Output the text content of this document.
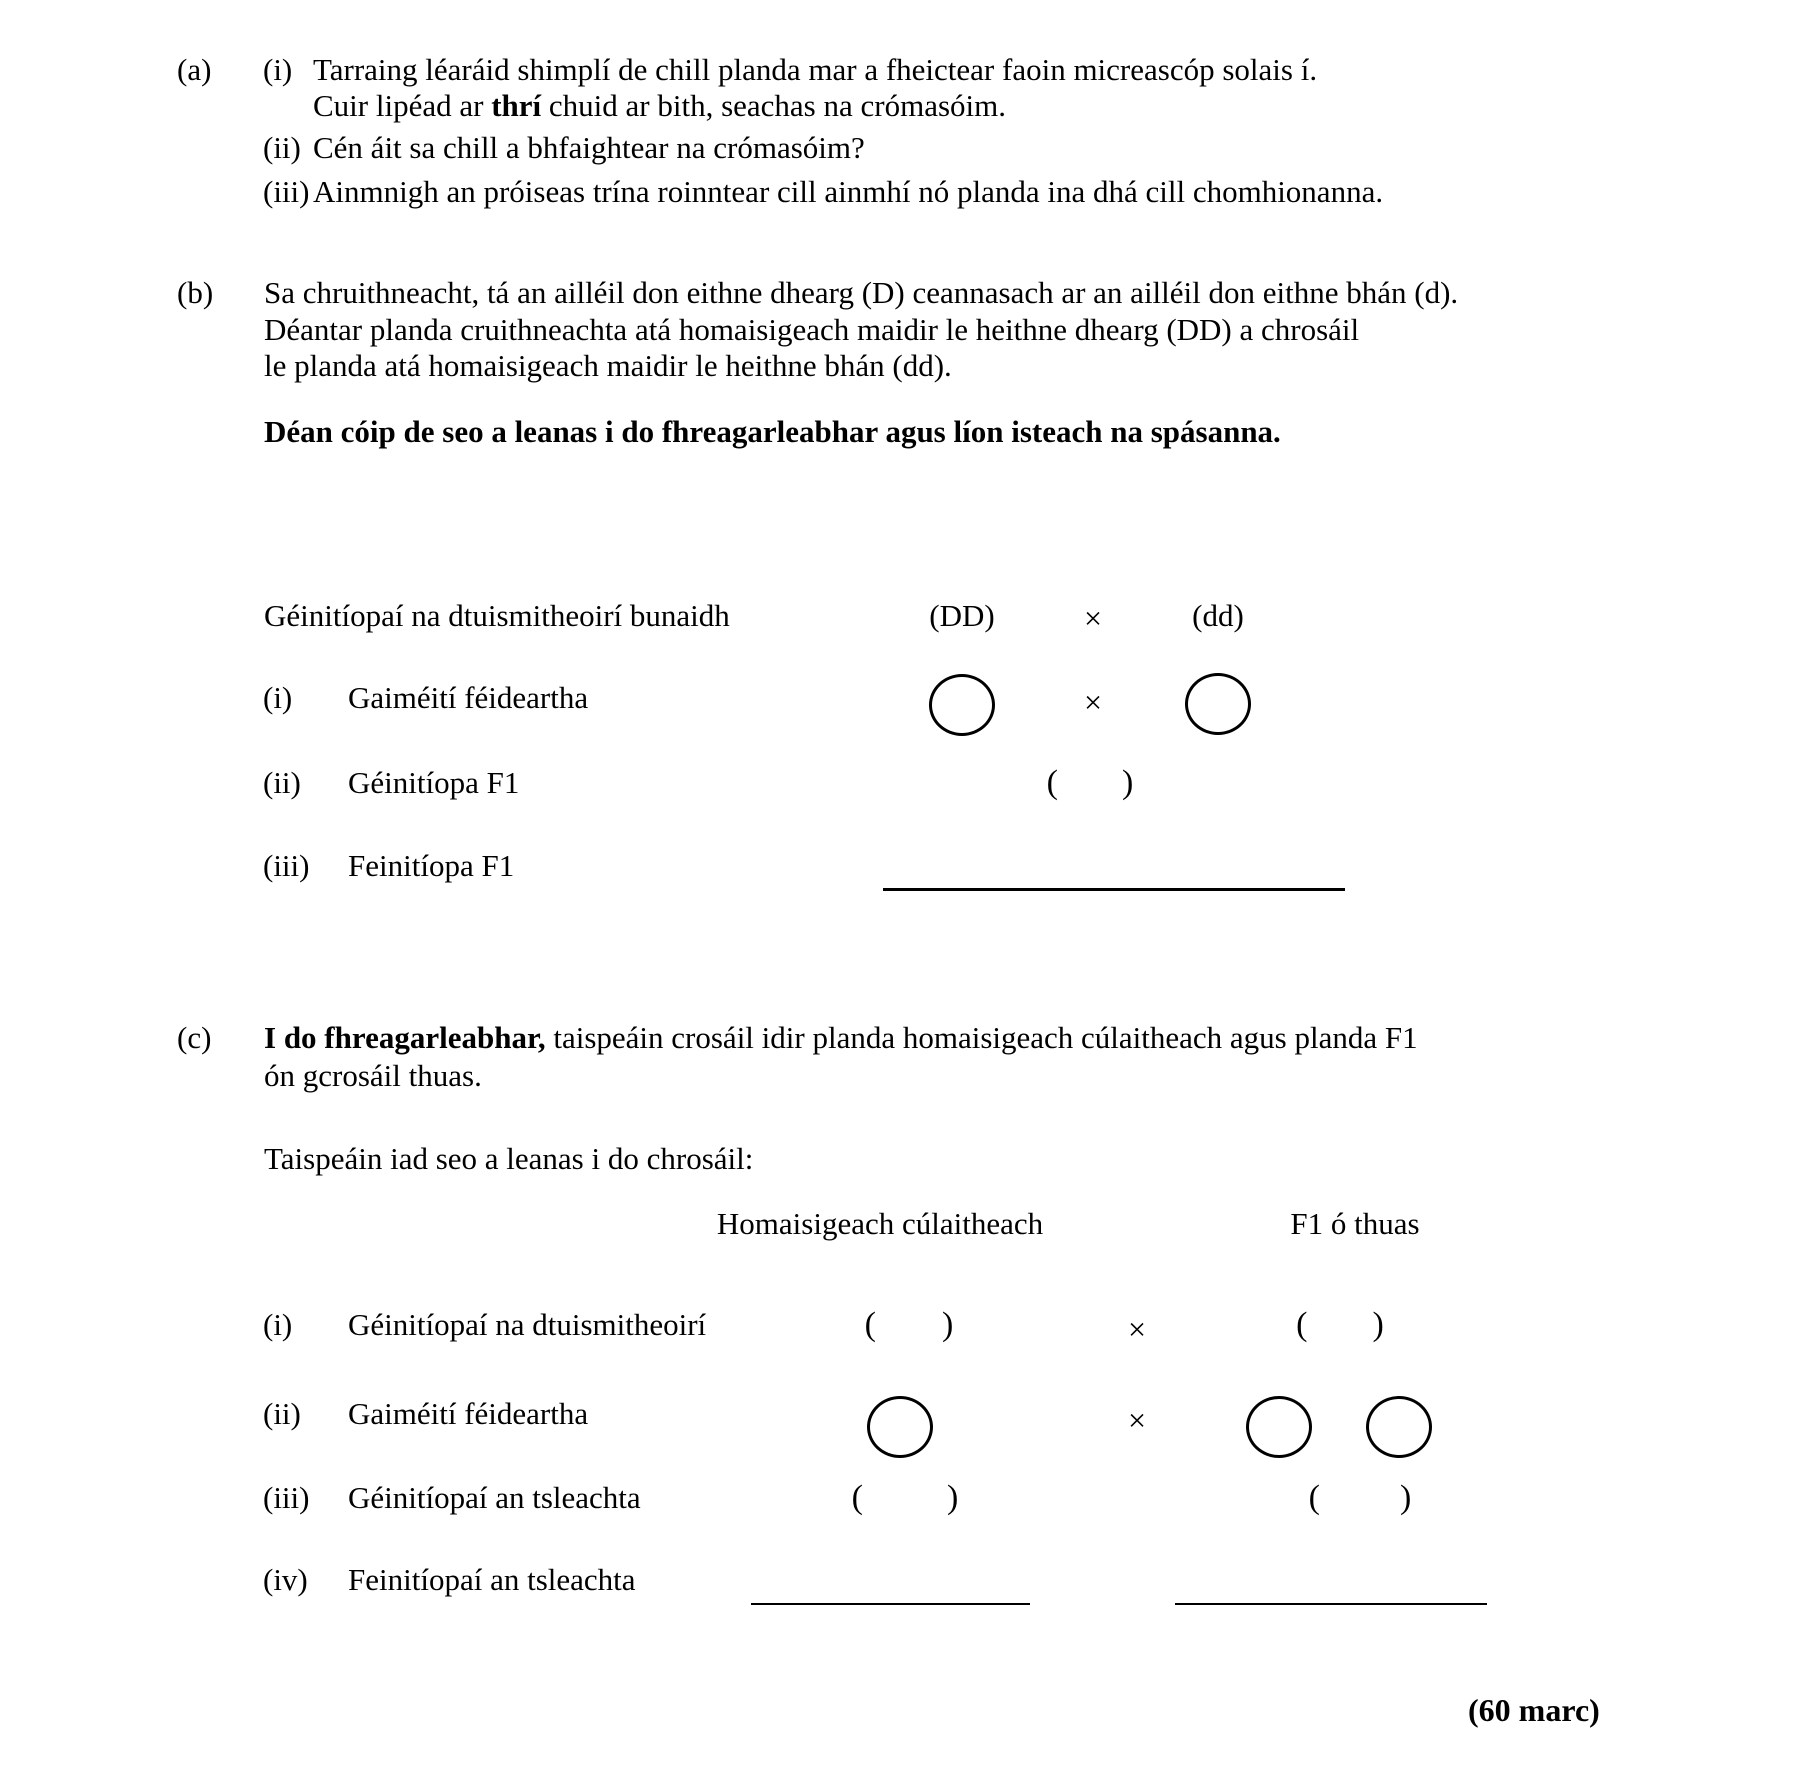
(a) (i) Tarraing léaráid shimplí de chill planda mar a fheictear faoin micreascóp solais í.
Cuir lipéad ar thrí chuid ar bith, seachas na crómasóim.
(ii) Cén áit sa chill a bhfaightear na crómasóim?
(iii) Ainmnigh an próiseas trína roinntear cill ainmhí nó planda ina dhá cill chomhionanna.
(b) Sa chruithneacht, tá an ailléil don eithne dhearg (D) ceannasach ar an ailléil don eithne bhán (d).
Déantar planda cruithneachta atá homaisigeach maidir le heithne dhearg (DD) a chrosáil
le planda atá homaisigeach maidir le heithne bhán (dd).
Déan cóip de seo a leanas i do fhreagarleabhar agus líon isteach na spásanna.
Géinitíopaí na dtuismitheoirí bunaidh	(DD)	×	(dd)
(i) Gaiméití féideartha	×
(ii) Géinitíopa F1	( )
(iii) Feinitíopa F1
(c) I do fhreagarleabhar, taispeáin crosáil idir planda homaisigeach cúlaitheach agus planda F1
ón gcrosáil thuas.
Taispeáin iad seo a leanas i do chrosáil:
Homaisigeach cúlaitheach	F1 ó thuas
(i) Géinitíopaí na dtuismitheoirí	( )	×	( )
(ii) Gaiméití féideartha	×
(iii) Géinitíopaí an tsleachta	( )	( )
(iv) Feinitíopaí an tsleachta
(60 marc)
